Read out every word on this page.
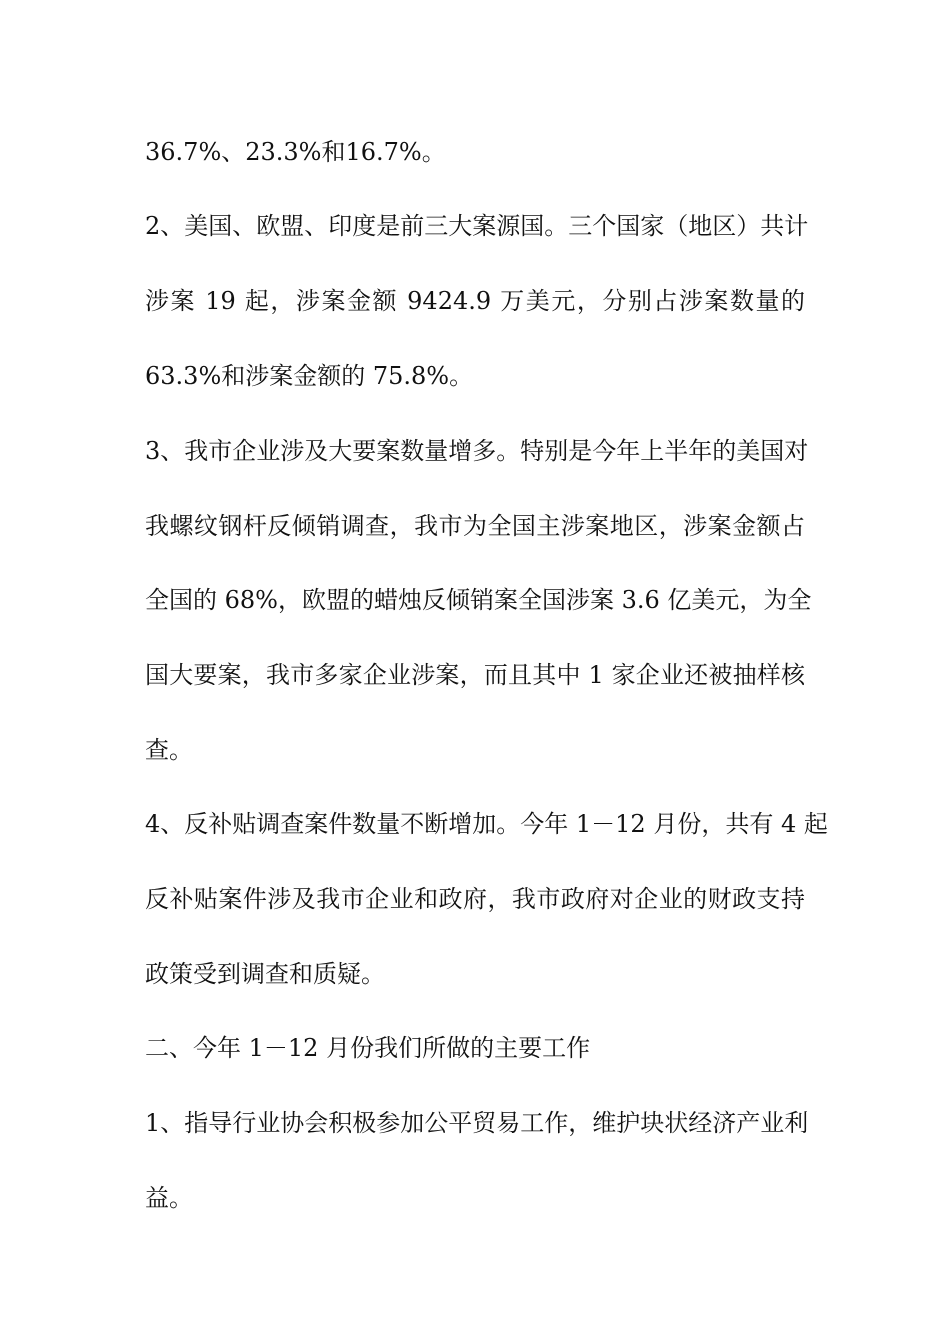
36.7%、23.3%和16.7%。
2、美国、欧盟、印度是前三大案源国。三个国家（地区）共计
涉案 19 起，涉案金额 9424.9 万美元，分别占涉案数量的
63.3%和涉案金额的 75.8%。
3、我市企业涉及大要案数量增多。特别是今年上半年的美国对
我螺纹钢杆反倾销调查，我市为全国主涉案地区，涉案金额占
全国的 68%，欧盟的蜡烛反倾销案全国涉案 3.6 亿美元，为全
国大要案，我市多家企业涉案，而且其中 1 家企业还被抽样核
查。
4、反补贴调查案件数量不断增加。今年 1－12 月份，共有 4 起
反补贴案件涉及我市企业和政府，我市政府对企业的财政支持
政策受到调查和质疑。
二、今年 1－12 月份我们所做的主要工作
1、指导行业协会积极参加公平贸易工作，维护块状经济产业利
益。
